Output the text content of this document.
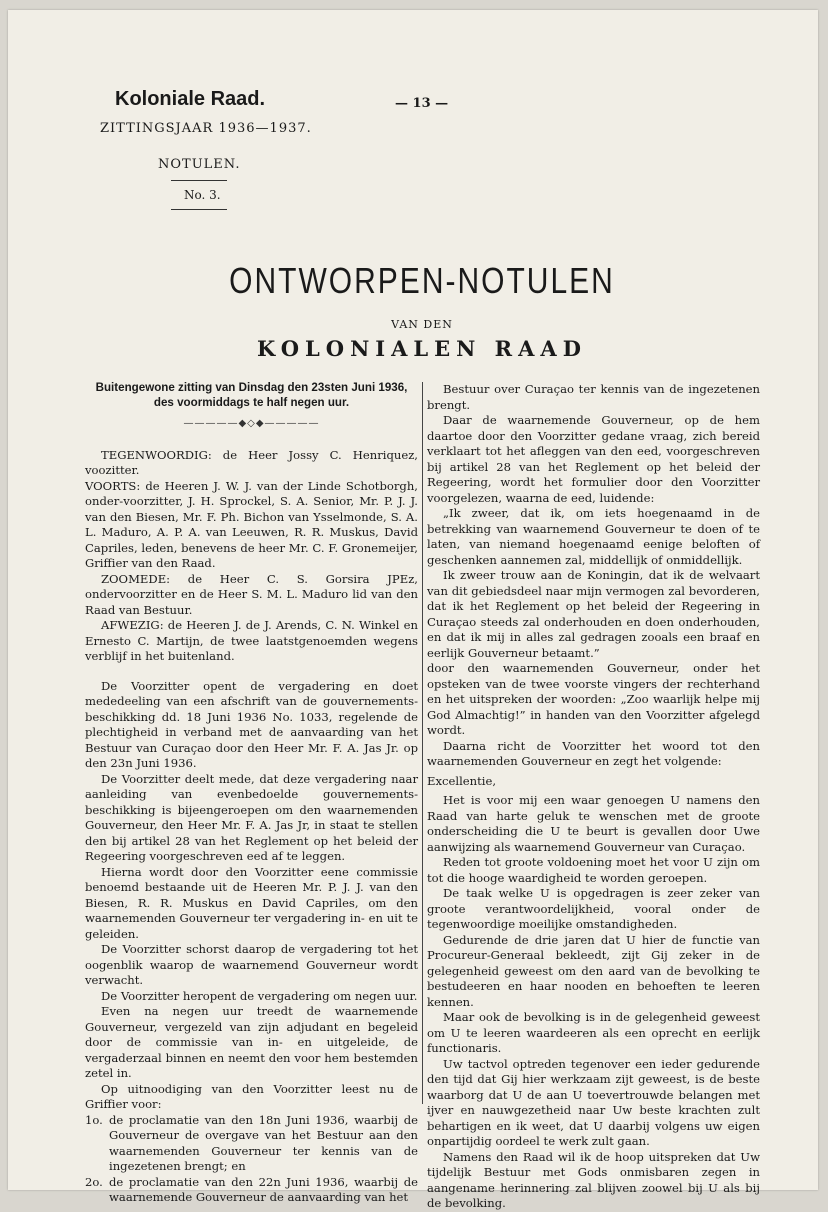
Koloniale Raad.
ZITTINGSJAAR 1936—1937.
— 13 —
NOTULEN.
No. 3.
ONTWORPEN-NOTULEN
VAN DEN
KOLONIALEN RAAD
Buitengewone zitting van Dinsdag den 23sten Juni 1936, des voormiddags te half negen uur.
—————◆◇◆—————

TEGENWOORDIG: de Heer Jossy C. Henriquez, voozitter.

VOORTS: de Heeren J. W. J. van der Linde Schotborgh, onder-voorzitter, J. H. Sprockel, S. A. Senior, Mr. P. J. J. van den Biesen, Mr. F. Ph. Bichon van Ysselmonde, S. A. L. Maduro, A. P. A. van Leeuwen, R. R. Muskus, David Capriles, leden, benevens de heer Mr. C. F. Gronemeijer, Griffier van den Raad.

ZOOMEDE: de Heer C. S. Gorsira JPEz, ondervoorzitter en de Heer S. M. L. Maduro lid van den Raad van Bestuur.

AFWEZIG: de Heeren J. de J. Arends, C. N. Winkel en Ernesto C. Martijn, de twee laatstgenoemden wegens verblijf in het buitenland.

De Voorzitter opent de vergadering en doet mededeeling van een afschrift van de gouvernements-beschikking dd. 18 Juni 1936 No. 1033, regelende de plechtigheid in verband met de aanvaarding van het Bestuur van Curaçao door den Heer Mr. F. A. Jas Jr. op den 23n Juni 1936.

De Voorzitter deelt mede, dat deze vergadering naar aanleiding van evenbedoelde gouvernements-beschikking is bijeengeroepen om den waarnemenden Gouverneur, den Heer Mr. F. A. Jas Jr, in staat te stellen den bij artikel 28 van het Reglement op het beleid der Regeering voorgeschreven eed af te leggen.

Hierna wordt door den Voorzitter eene commissie benoemd bestaande uit de Heeren Mr. P. J. J. van den Biesen, R. R. Muskus en David Capriles, om den waarnemenden Gouverneur ter vergadering in- en uit te geleiden.

De Voorzitter schorst daarop de vergadering tot het oogenblik waarop de waarnemend Gouverneur wordt verwacht.

De Voorzitter heropent de vergadering om negen uur.

Even na negen uur treedt de waarnemende Gouverneur, vergezeld van zijn adjudant en begeleid door de commissie van in- en uitgeleide, de vergaderzaal binnen en neemt den voor hem bestemden zetel in.

Op uitnoodiging van den Voorzitter leest nu de Griffier voor:

1o. de proclamatie van den 18n Juni 1936, waarbij de Gouverneur de overgave van het Bestuur aan den waarnemenden Gouverneur ter kennis van de ingezetenen brengt; en
2o. de proclamatie van den 22n Juni 1936, waarbij de waarnemende Gouverneur de aanvaarding van het

Bestuur over Curaçao ter kennis van de ingezetenen brengt.

Daar de waarnemende Gouverneur, op de hem daartoe door den Voorzitter gedane vraag, zich bereid verklaart tot het afleggen van den eed, voorgeschreven bij artikel 28 van het Reglement op het beleid der Regeering, wordt het formulier door den Voorzitter voorgelezen, waarna de eed, luidende:

„Ik zweer, dat ik, om iets hoegenaamd in de betrekking van waarnemend Gouverneur te doen of te laten, van niemand hoegenaamd eenige beloften of geschenken aannemen zal, middellijk of onmiddellijk.

Ik zweer trouw aan de Koningin, dat ik de welvaart van dit gebiedsdeel naar mijn vermogen zal bevorderen, dat ik het Reglement op het beleid der Regeering in Curaçao steeds zal onderhouden en doen onderhouden, en dat ik mij in alles zal gedragen zooals een braaf en eerlijk Gouverneur betaamt.”

door den waarnemenden Gouverneur, onder het opsteken van de twee voorste vingers der rechterhand en het uitspreken der woorden: „Zoo waarlijk helpe mij God Almachtig!” in handen van den Voorzitter afgelegd wordt.

Daarna richt de Voorzitter het woord tot den waarnemenden Gouverneur en zegt het volgende:

Excellentie,

Het is voor mij een waar genoegen U namens den Raad van harte geluk te wenschen met de groote onderscheiding die U te beurt is gevallen door Uwe aanwijzing als waarnemend Gouverneur van Curaçao.

Reden tot groote voldoening moet het voor U zijn om tot die hooge waardigheid te worden geroepen.

De taak welke U is opgedragen is zeer zeker van groote verantwoordelijkheid, vooral onder de tegenwoordige moeilijke omstandigheden.

Gedurende de drie jaren dat U hier de functie van Procureur-Generaal bekleedt, zijt Gij zeker in de gelegenheid geweest om den aard van de bevolking te bestudeeren en haar nooden en behoeften te leeren kennen.

Maar ook de bevolking is in de gelegenheid geweest om U te leeren waardeeren als een oprecht en eerlijk functionaris.

Uw tactvol optreden tegenover een ieder gedurende den tijd dat Gij hier werkzaam zijt geweest, is de beste waarborg dat U de aan U toevertrouwde belangen met ijver en nauwgezetheid naar Uw beste krachten zult behartigen en ik weet, dat U daarbij volgens uw eigen onpartijdig oordeel te werk zult gaan.

Namens den Raad wil ik de hoop uitspreken dat Uw tijdelijk Bestuur met Gods onmisbaren zegen in aangename herinnering zal blijven zoowel bij U als bij de bevolking.
